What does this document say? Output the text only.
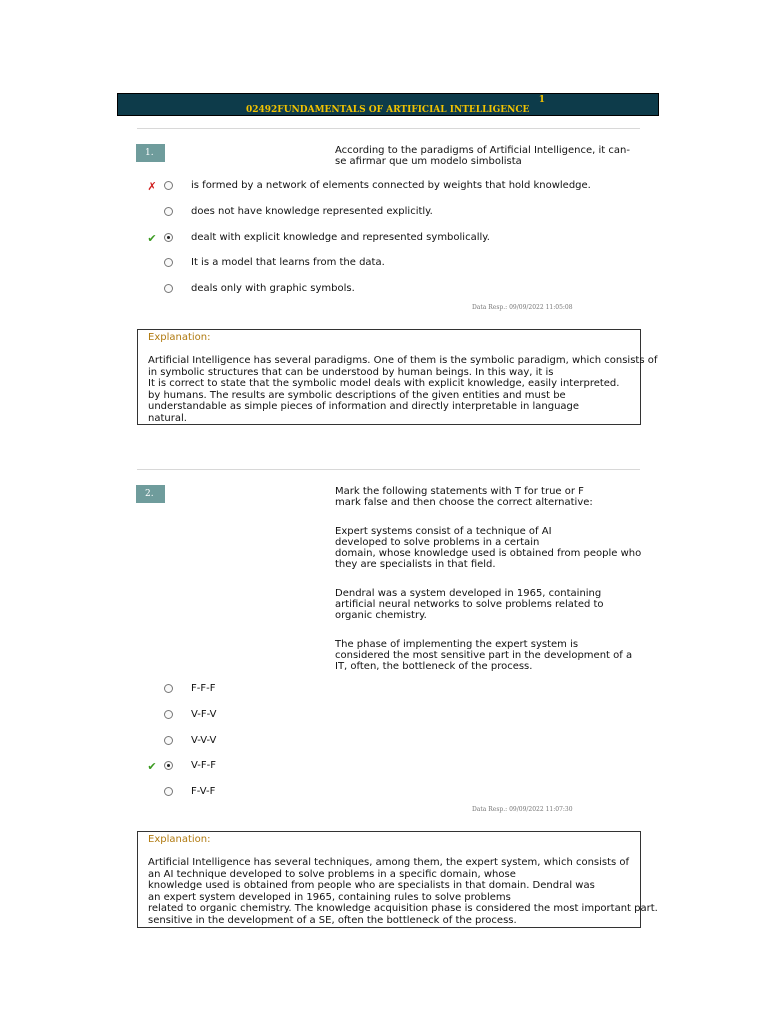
1
02492FUNDAMENTALS OF ARTIFICIAL INTELLIGENCE
1.	According to the paradigms of Artificial Intelligence, it can-

se afirmar que um modelo simbolista

✗	is formed by a network of elements connected by weights that hold knowledge.
does not have knowledge represented explicitly.
✔	dealt with explicit knowledge and represented symbolically.
It is a model that learns from the data.
deals only with graphic symbols.
Data Resp.: 09/09/2022 11:05:08
Explanation:
Artificial Intelligence has several paradigms. One of them is the symbolic paradigm, which consists of
in symbolic structures that can be understood by human beings. In this way, it is
It is correct to state that the symbolic model deals with explicit knowledge, easily interpreted.
by humans. The results are symbolic descriptions of the given entities and must be
understandable as simple pieces of information and directly interpretable in language
natural.
2.	Mark the following statements with T for true or F

mark false and then choose the correct alternative:

Expert systems consist of a technique of AI

developed to solve problems in a certain

domain, whose knowledge used is obtained from people who

they are specialists in that field.

Dendral was a system developed in 1965, containing

artificial neural networks to solve problems related to

organic chemistry.

The phase of implementing the expert system is

considered the most sensitive part in the development of a

IT, often, the bottleneck of the process.

F-F-F
V-F-V
V-V-V
✔	V-F-F
F-V-F
Data Resp.: 09/09/2022 11:07:30
Explanation:
Artificial Intelligence has several techniques, among them, the expert system, which consists of
an AI technique developed to solve problems in a specific domain, whose
knowledge used is obtained from people who are specialists in that domain. Dendral was
an expert system developed in 1965, containing rules to solve problems
related to organic chemistry. The knowledge acquisition phase is considered the most important part.
sensitive in the development of a SE, often the bottleneck of the process.
